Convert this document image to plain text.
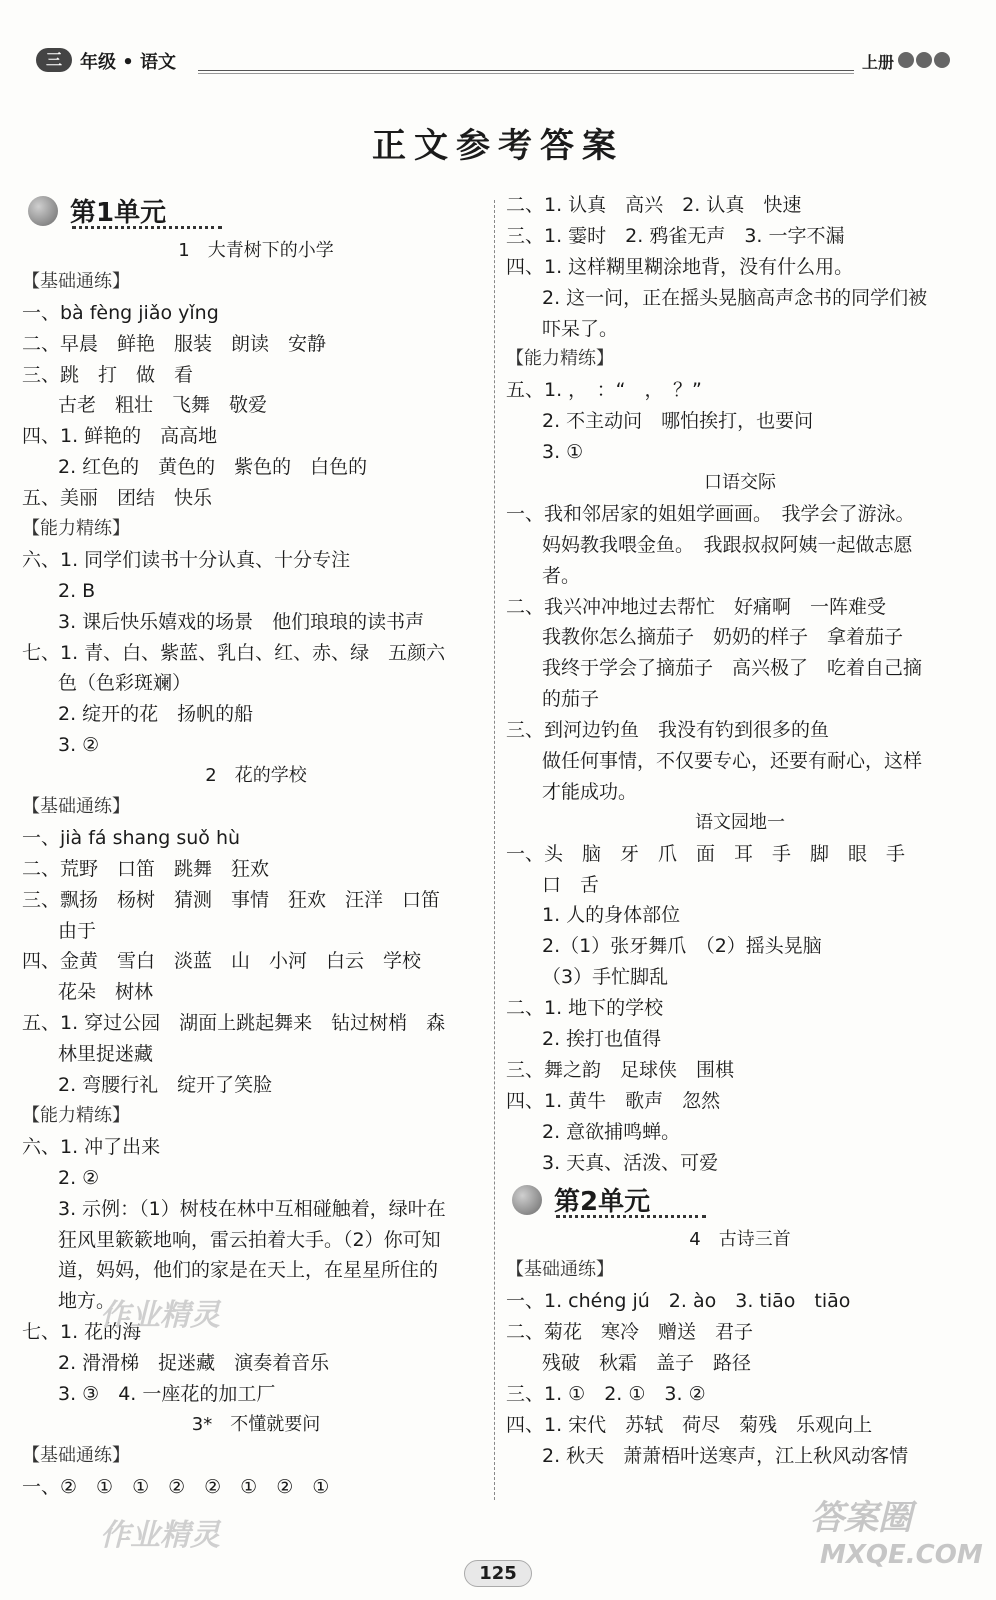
三	年级 • 语文	上册
正文参考答案
第1单元
1　大青树下的小学
【基础通练】
一、bà fèng jiǎo yǐng
二、早晨　鲜艳　服装　朗读　安静
三、跳　打　做　看
古老　粗壮　飞舞　敬爱
四、1. 鲜艳的　高高地
2. 红色的　黄色的　紫色的　白色的
五、美丽　团结　快乐
【能力精练】
六、1. 同学们读书十分认真、十分专注
2. B
3. 课后快乐嬉戏的场景　他们琅琅的读书声
七、1. 青、白、紫蓝、乳白、红、赤、绿　五颜六
色（色彩斑斓）
2. 绽开的花　扬帆的船
3. ②
2　花的学校
【基础通练】
一、jià fá shang suǒ hù
二、荒野　口笛　跳舞　狂欢
三、飘扬　杨树　猜测　事情　狂欢　汪洋　口笛
由于
四、金黄　雪白　淡蓝　山　小河　白云　学校
花朵　树林
五、1. 穿过公园　湖面上跳起舞来　钻过树梢　森
林里捉迷藏
2. 弯腰行礼　绽开了笑脸
【能力精练】
六、1. 冲了出来
2. ②
3. 示例：（1）树枝在林中互相碰触着，绿叶在
狂风里簌簌地响，雷云拍着大手。（2）你可知
道，妈妈，他们的家是在天上，在星星所住的
地方。
七、1. 花的海
2. 滑滑梯　捉迷藏　演奏着音乐
3. ③　4. 一座花的加工厂
3*　不懂就要问
【基础通练】
一、②　①　①　②　②　①　②　①
二、1. 认真　高兴　2. 认真　快速
三、1. 霎时　2. 鸦雀无声　3. 一字不漏
四、1. 这样糊里糊涂地背，没有什么用。
2. 这一问，正在摇头晃脑高声念书的同学们被
吓呆了。
【能力精练】
五、1. ，　：“　，　？”
2. 不主动问　哪怕挨打，也要问
3. ①
口语交际
一、我和邻居家的姐姐学画画。　我学会了游泳。
妈妈教我喂金鱼。　我跟叔叔阿姨一起做志愿
者。
二、我兴冲冲地过去帮忙　好痛啊　一阵难受
我教你怎么摘茄子　奶奶的样子　拿着茄子
我终于学会了摘茄子　高兴极了　吃着自己摘
的茄子
三、到河边钓鱼　我没有钓到很多的鱼
做任何事情，不仅要专心，还要有耐心，这样
才能成功。
语文园地一
一、头　脑　牙　爪　面　耳　手　脚　眼　手
口　舌
1. 人的身体部位
2.（1）张牙舞爪　（2）摇头晃脑
（3）手忙脚乱
二、1. 地下的学校
2. 挨打也值得
三、舞之韵　足球侠　围棋
四、1. 黄牛　歌声　忽然
2. 意欲捕鸣蝉。
3. 天真、活泼、可爱
第2单元
4　古诗三首
【基础通练】
一、1. chéng jú　2. ào　3. tiāo　tiāo
二、菊花　寒冷　赠送　君子
残破　秋霜　盖子　路径
三、1. ①　2. ①　3. ②
四、1. 宋代　苏轼　荷尽　菊残　乐观向上
2. 秋天　萧萧梧叶送寒声，江上秋风动客情
作业精灵
作业精灵	答案圈
MXQE.COM
125
